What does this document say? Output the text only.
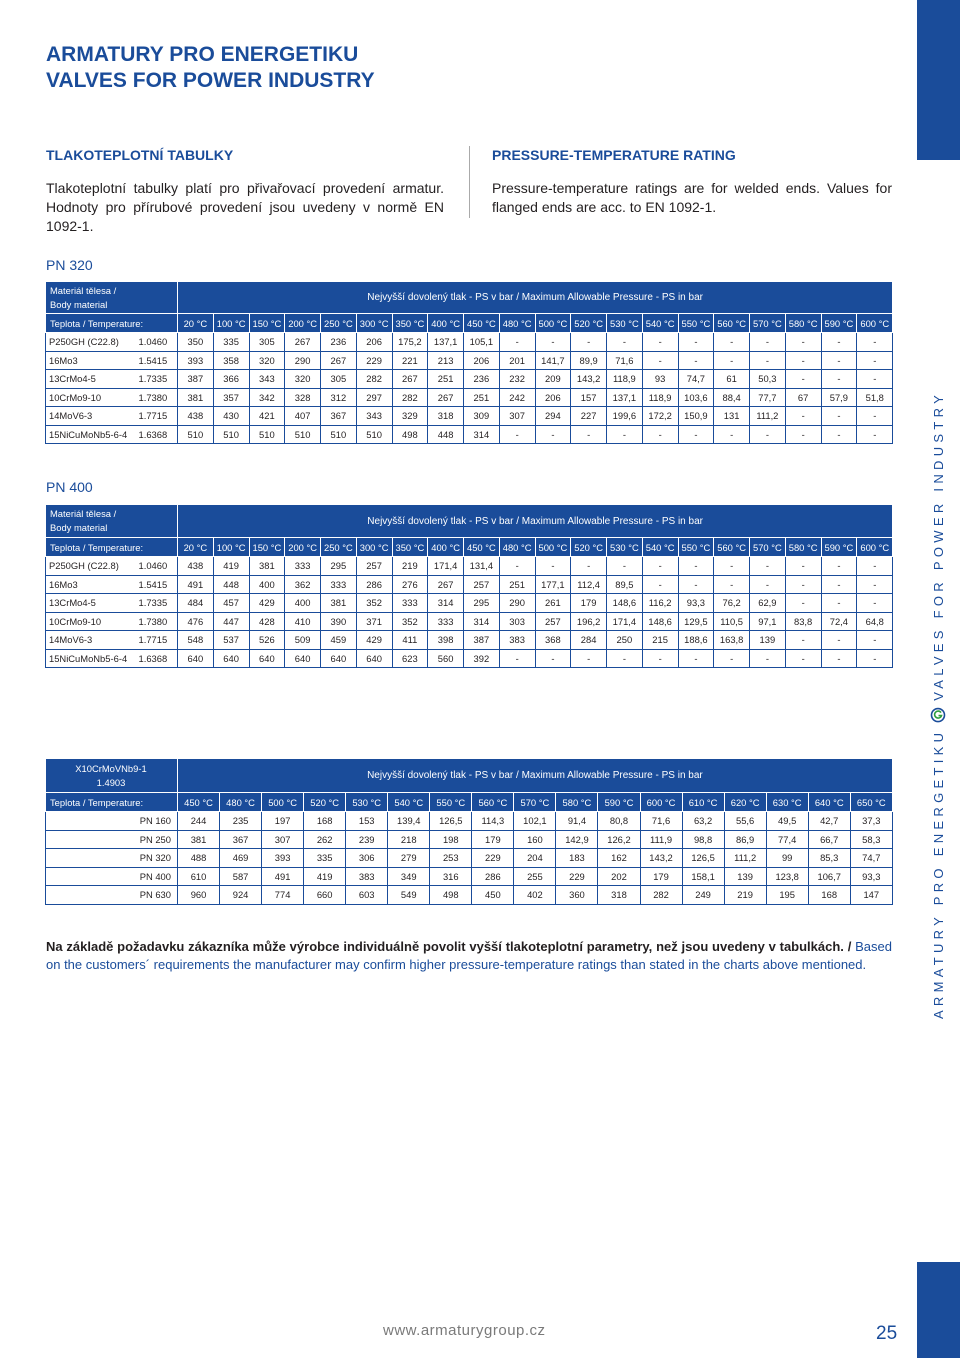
ARMATURY PRO ENERGETIKU
VALVES FOR POWER INDUSTRY
TLAKOTEPLOTNÍ TABULKY
Tlakoteplotní tabulky platí pro přivařovací provedení armatur. Hodnoty pro přírubové provedení jsou uvedeny v normě EN 1092-1.
PRESSURE-TEMPERATURE RATING
Pressure-temperature ratings are for welded ends. Values for flanged ends are acc. to EN 1092-1.
PN 320
Materiál tělesa /
Body material		Nejvyšší dovolený tlak - PS v bar / Maximum Allowable Pressure - PS in bar																			
Teplota / Temperature:		20 °C	100 °C	150 °C	200 °C	250 °C	300 °C	350 °C	400 °C	450 °C	480 °C	500 °C	520 °C	530 °C	540 °C	550 °C	560 °C	570 °C	580 °C	590 °C	600 °C
P250GH (C22.8)	1.0460	350	335	305	267	236	206	175,2	137,1	105,1	-	-	-	-	-	-	-	-	-	-	-
16Mo3	1.5415	393	358	320	290	267	229	221	213	206	201	141,7	89,9	71,6	-	-	-	-	-	-	-
13CrMo4-5	1.7335	387	366	343	320	305	282	267	251	236	232	209	143,2	118,9	93	74,7	61	50,3	-	-	-
10CrMo9-10	1.7380	381	357	342	328	312	297	282	267	251	242	206	157	137,1	118,9	103,6	88,4	77,7	67	57,9	51,8
14MoV6-3	1.7715	438	430	421	407	367	343	329	318	309	307	294	227	199,6	172,2	150,9	131	111,2	-	-	-
15NiCuMoNb5-6-4	1.6368	510	510	510	510	510	510	498	448	314	-	-	-	-	-	-	-	-	-	-	-
PN 400
Materiál tělesa /
Body material		Nejvyšší dovolený tlak - PS v bar / Maximum Allowable Pressure - PS in bar																			
Teplota / Temperature:		20 °C	100 °C	150 °C	200 °C	250 °C	300 °C	350 °C	400 °C	450 °C	480 °C	500 °C	520 °C	530 °C	540 °C	550 °C	560 °C	570 °C	580 °C	590 °C	600 °C
P250GH (C22.8)	1.0460	438	419	381	333	295	257	219	171,4	131,4	-	-	-	-	-	-	-	-	-	-	-
16Mo3	1.5415	491	448	400	362	333	286	276	267	257	251	177,1	112,4	89,5	-	-	-	-	-	-	-
13CrMo4-5	1.7335	484	457	429	400	381	352	333	314	295	290	261	179	148,6	116,2	93,3	76,2	62,9	-	-	-
10CrMo9-10	1.7380	476	447	428	410	390	371	352	333	314	303	257	196,2	171,4	148,6	129,5	110,5	97,1	83,8	72,4	64,8
14MoV6-3	1.7715	548	537	526	509	459	429	411	398	387	383	368	284	250	215	188,6	163,8	139	-	-	-
15NiCuMoNb5-6-4	1.6368	640	640	640	640	640	640	623	560	392	-	-	-	-	-	-	-	-	-	-	-
X10CrMoVNb9-1
1.4903	Nejvyšší dovolený tlak - PS v bar / Maximum Allowable Pressure - PS in bar																
Teplota / Temperature:	450 °C	480 °C	500 °C	520 °C	530 °C	540 °C	550 °C	560 °C	570 °C	580 °C	590 °C	600 °C	610 °C	620 °C	630 °C	640 °C	650 °C
PN 160	244	235	197	168	153	139,4	126,5	114,3	102,1	91,4	80,8	71,6	63,2	55,6	49,5	42,7	37,3
PN 250	381	367	307	262	239	218	198	179	160	142,9	126,2	111,9	98,8	86,9	77,4	66,7	58,3
PN 320	488	469	393	335	306	279	253	229	204	183	162	143,2	126,5	111,2	99	85,3	74,7
PN 400	610	587	491	419	383	349	316	286	255	229	202	179	158,1	139	123,8	106,7	93,3
PN 630	960	924	774	660	603	549	498	450	402	360	318	282	249	219	195	168	147
Na základě požadavku zákazníka může výrobce individuálně povolit vyšší tlakoteplotní parametry, než jsou uvedeny v tabulkách. / Based on the customers´ requirements the manufacturer may confirm higher pressure-temperature ratings than stated in the charts above mentioned.	ARMATURY PRO ENERGETIKU
VALVES FOR POWER INDUSTRY
www.armaturygroup.cz	25
